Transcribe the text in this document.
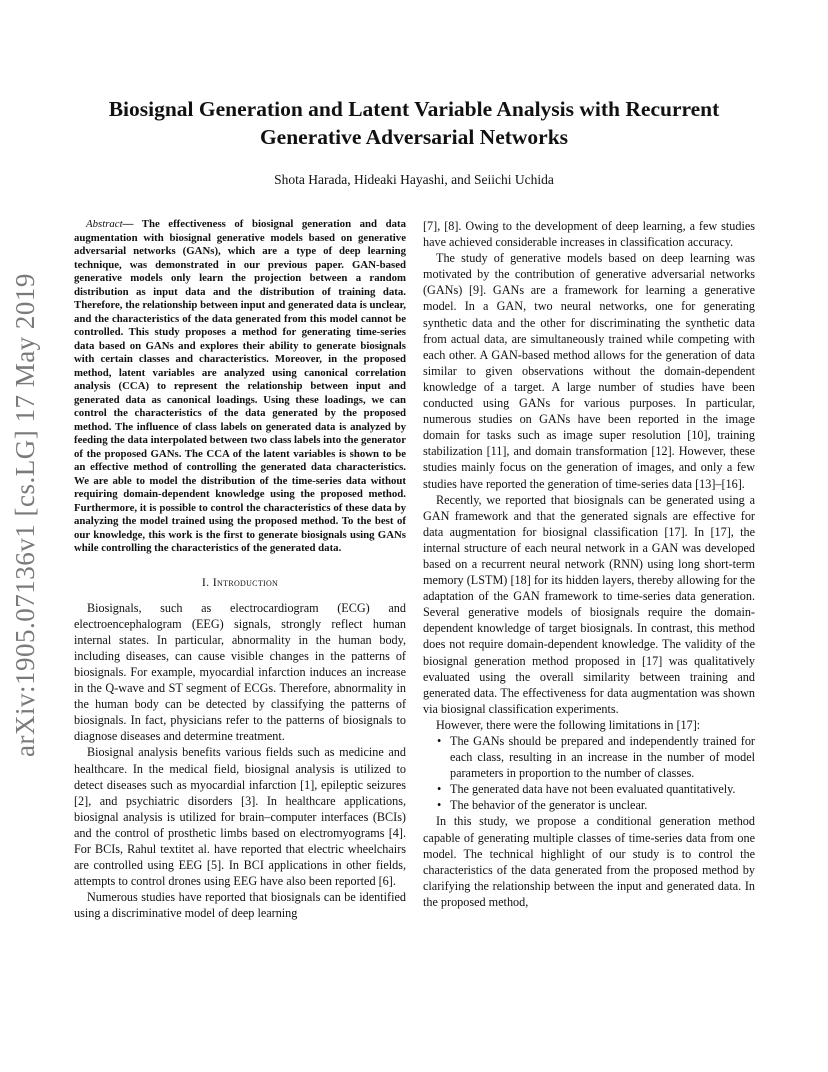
arXiv:1905.07136v1 [cs.LG] 17 May 2019
Biosignal Generation and Latent Variable Analysis with Recurrent Generative Adversarial Networks
Shota Harada, Hideaki Hayashi, and Seiichi Uchida

Abstract— The effectiveness of biosignal generation and data augmentation with biosignal generative models based on generative adversarial networks (GANs), which are a type of deep learning technique, was demonstrated in our previous paper. GAN-based generative models only learn the projection between a random distribution as input data and the distribution of training data. Therefore, the relationship between input and generated data is unclear, and the characteristics of the data generated from this model cannot be controlled. This study proposes a method for generating time-series data based on GANs and explores their ability to generate biosignals with certain classes and characteristics. Moreover, in the proposed method, latent variables are analyzed using canonical correlation analysis (CCA) to represent the relationship between input and generated data as canonical loadings. Using these loadings, we can control the characteristics of the data generated by the proposed method. The influence of class labels on generated data is analyzed by feeding the data interpolated between two class labels into the generator of the proposed GANs. The CCA of the latent variables is shown to be an effective method of controlling the generated data characteristics. We are able to model the distribution of the time-series data without requiring domain-dependent knowledge using the proposed method. Furthermore, it is possible to control the characteristics of these data by analyzing the model trained using the proposed method. To the best of our knowledge, this work is the first to generate biosignals using GANs while controlling the characteristics of the generated data.

I. Introduction

Biosignals, such as electrocardiogram (ECG) and electroencephalogram (EEG) signals, strongly reflect human internal states. In particular, abnormality in the human body, including diseases, can cause visible changes in the patterns of biosignals. For example, myocardial infarction induces an increase in the Q-wave and ST segment of ECGs. Therefore, abnormality in the human body can be detected by classifying the patterns of biosignals. In fact, physicians refer to the patterns of biosignals to diagnose diseases and determine treatment.

Biosignal analysis benefits various fields such as medicine and healthcare. In the medical field, biosignal analysis is utilized to detect diseases such as myocardial infarction [1], epileptic seizures [2], and psychiatric disorders [3]. In healthcare applications, biosignal analysis is utilized for brain–computer interfaces (BCIs) and the control of prosthetic limbs based on electromyograms [4]. For BCIs, Rahul textitet al. have reported that electric wheelchairs are controlled using EEG [5]. In BCI applications in other fields, attempts to control drones using EEG have also been reported [6].

Numerous studies have reported that biosignals can be identified using a discriminative model of deep learning

[7], [8]. Owing to the development of deep learning, a few studies have achieved considerable increases in classification accuracy.

The study of generative models based on deep learning was motivated by the contribution of generative adversarial networks (GANs) [9]. GANs are a framework for learning a generative model. In a GAN, two neural networks, one for generating synthetic data and the other for discriminating the synthetic data from actual data, are simultaneously trained while competing with each other. A GAN-based method allows for the generation of data similar to given observations without the domain-dependent knowledge of a target. A large number of studies have been conducted using GANs for various purposes. In particular, numerous studies on GANs have been reported in the image domain for tasks such as image super resolution [10], training stabilization [11], and domain transformation [12]. However, these studies mainly focus on the generation of images, and only a few studies have reported the generation of time-series data [13]–[16].

Recently, we reported that biosignals can be generated using a GAN framework and that the generated signals are effective for data augmentation for biosignal classification [17]. In [17], the internal structure of each neural network in a GAN was developed based on a recurrent neural network (RNN) using long short-term memory (LSTM) [18] for its hidden layers, thereby allowing for the adaptation of the GAN framework to time-series data generation. Several generative models of biosignals require the domain-dependent knowledge of target biosignals. In contrast, this method does not require domain-dependent knowledge. The validity of the biosignal generation method proposed in [17] was qualitatively evaluated using the overall similarity between training and generated data. The effectiveness for data augmentation was shown via biosignal classification experiments.

However, there were the following limitations in [17]:

• The GANs should be prepared and independently trained for each class, resulting in an increase in the number of model parameters in proportion to the number of classes.
• The generated data have not been evaluated quantitatively.
• The behavior of the generator is unclear.

In this study, we propose a conditional generation method capable of generating multiple classes of time-series data from one model. The technical highlight of our study is to control the characteristics of the data generated from the proposed method by clarifying the relationship between the input and generated data. In the proposed method,
